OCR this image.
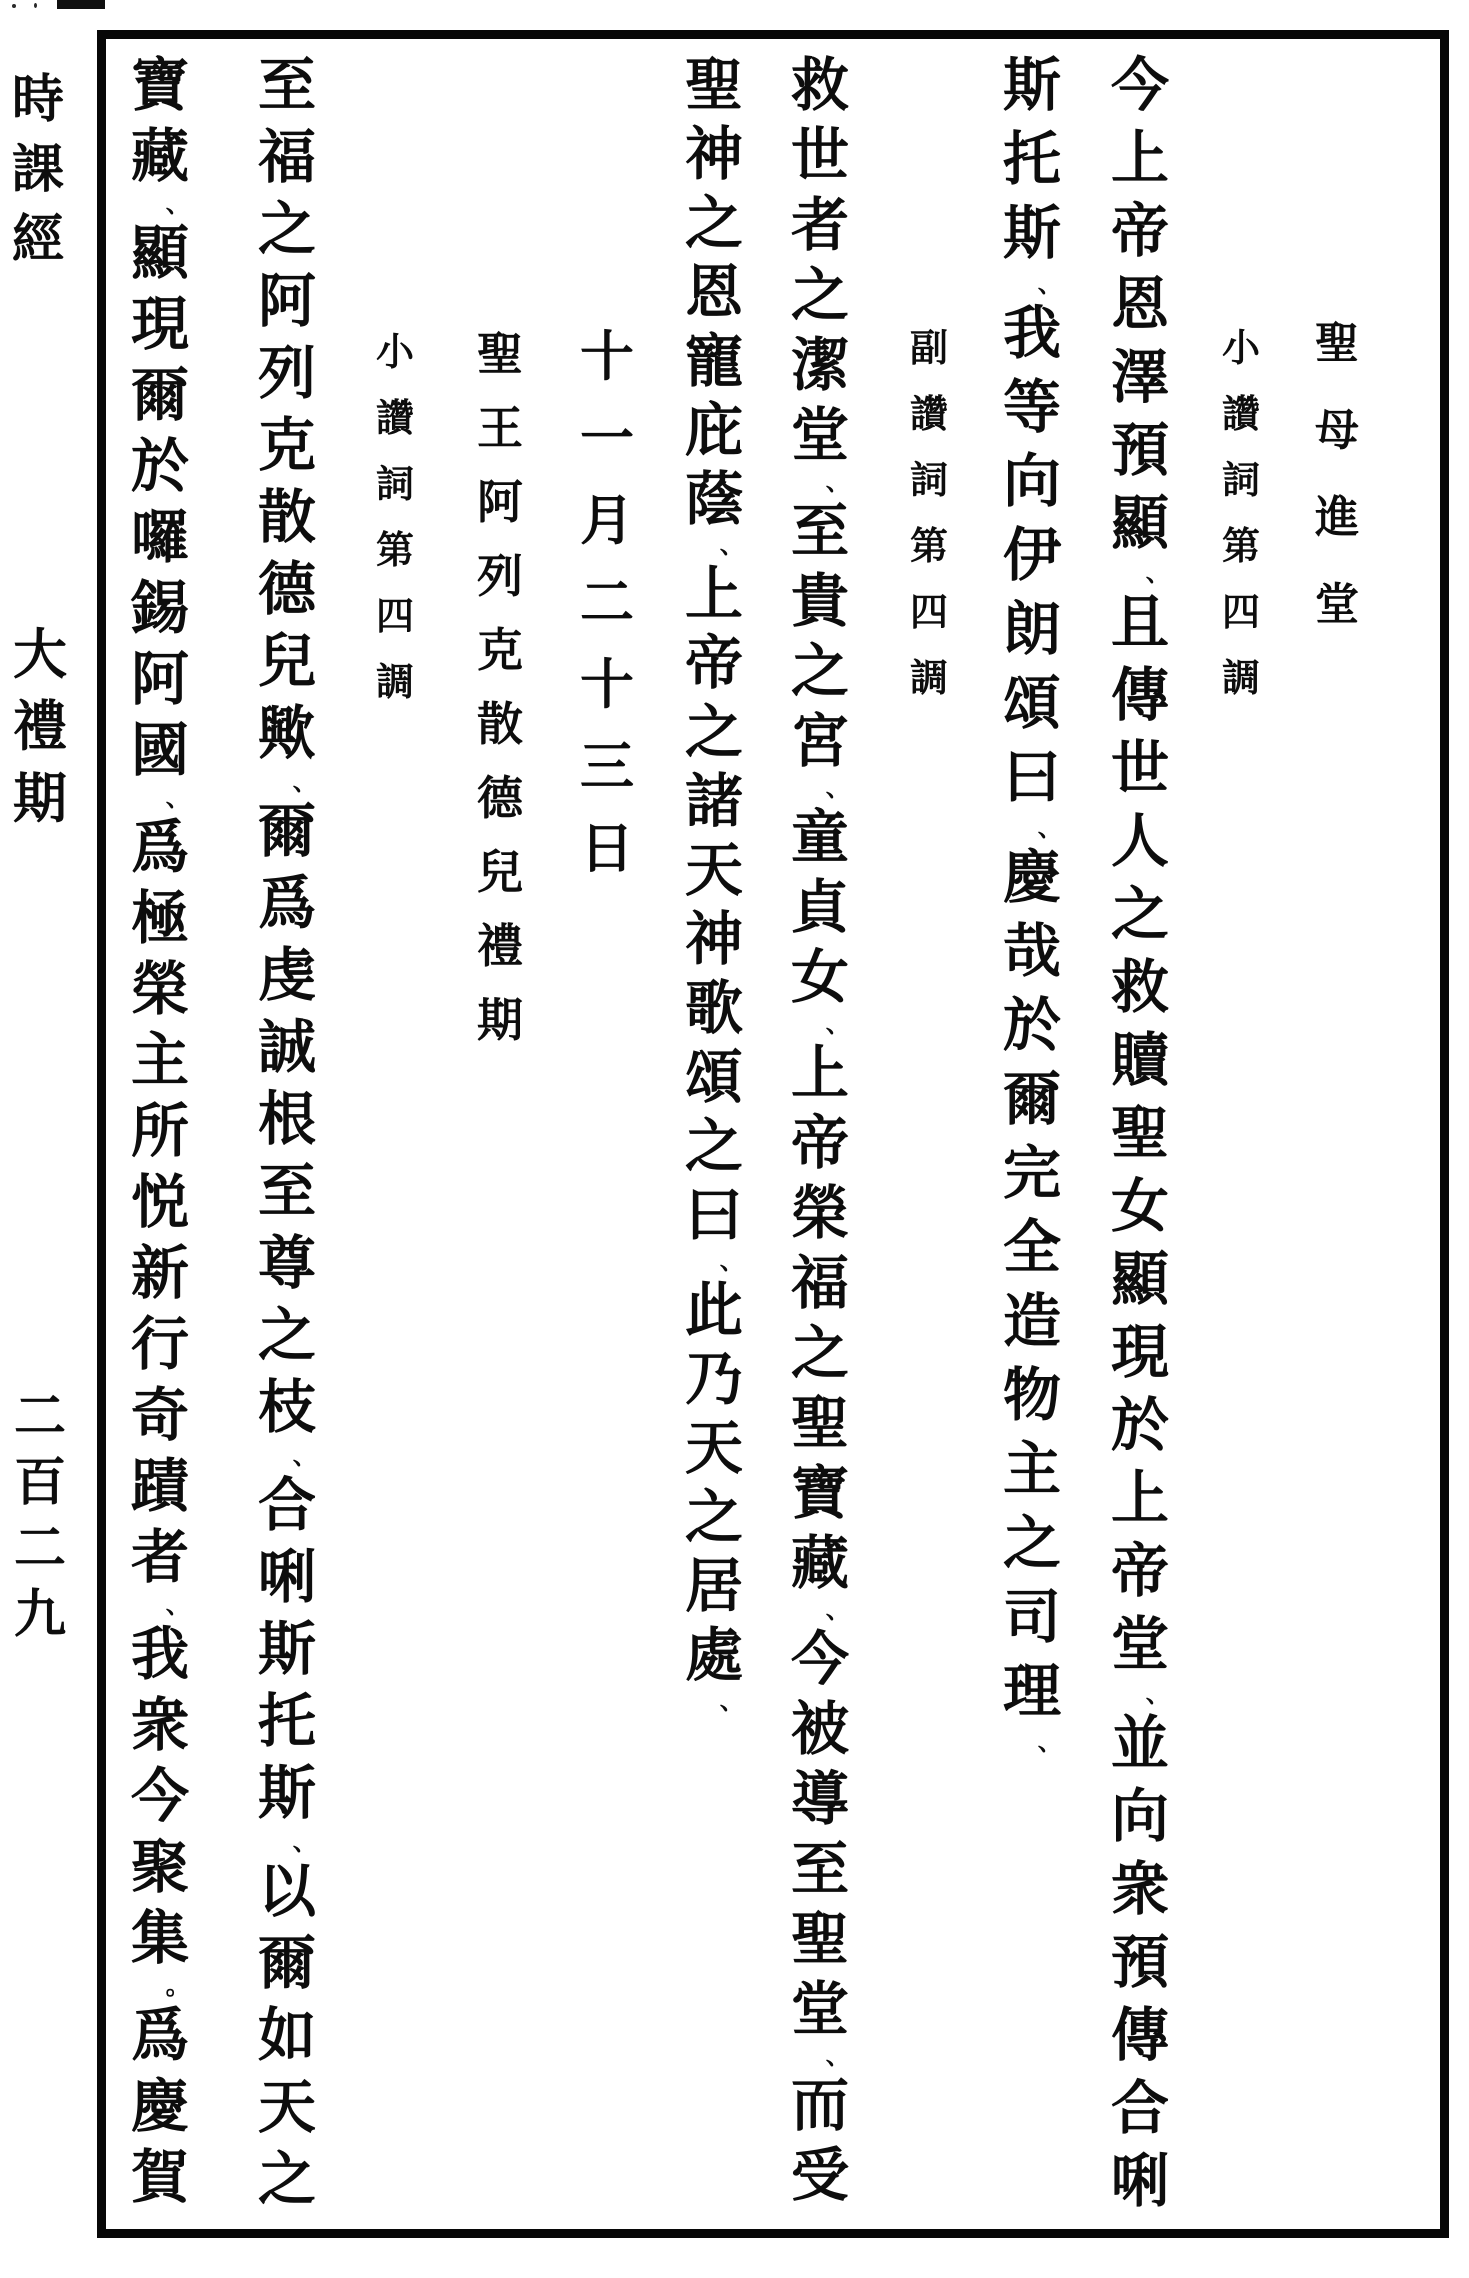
時
課
經
大
禮
期
二
百
二
九
聖
母
進
堂
小
讚
詞
第
四
調
今
上
帝
恩
澤
預
顯
、
且
傳
世
人
之
救
贖
聖
女
顯
現
於
上
帝
堂
、
並
向
衆
預
傳
合
唎
斯
托
斯
、
我
等
向
伊
朗
頌
曰
、
慶
哉
於
爾
完
全
造
物
主
之
司
理
、
副
讚
詞
第
四
調
救
世
者
之
潔
堂
、
至
貴
之
宮
、
童
貞
女
、
上
帝
榮
福
之
聖
寶
藏
、
今
被
導
至
聖
堂
、
而
受
聖
神
之
恩
寵
庇
蔭
、
上
帝
之
諸
天
神
歌
頌
之
曰
、
此
乃
天
之
居
處
、
十
一
月
二
十
三
日
聖
王
阿
列
克
散
德
兒
禮
期
小
讚
詞
第
四
調
至
福
之
阿
列
克
散
德
兒
歟
、
爾
爲
虔
誠
根
至
尊
之
枝
、
合
唎
斯
托
斯
、
以
爾
如
天
之
寶
藏
、
顯
現
爾
於
囉
錫
阿
國
、
爲
極
榮
主
所
悦
新
行
奇
蹟
者
、
我
衆
今
聚
集
。
爲
慶
賀
